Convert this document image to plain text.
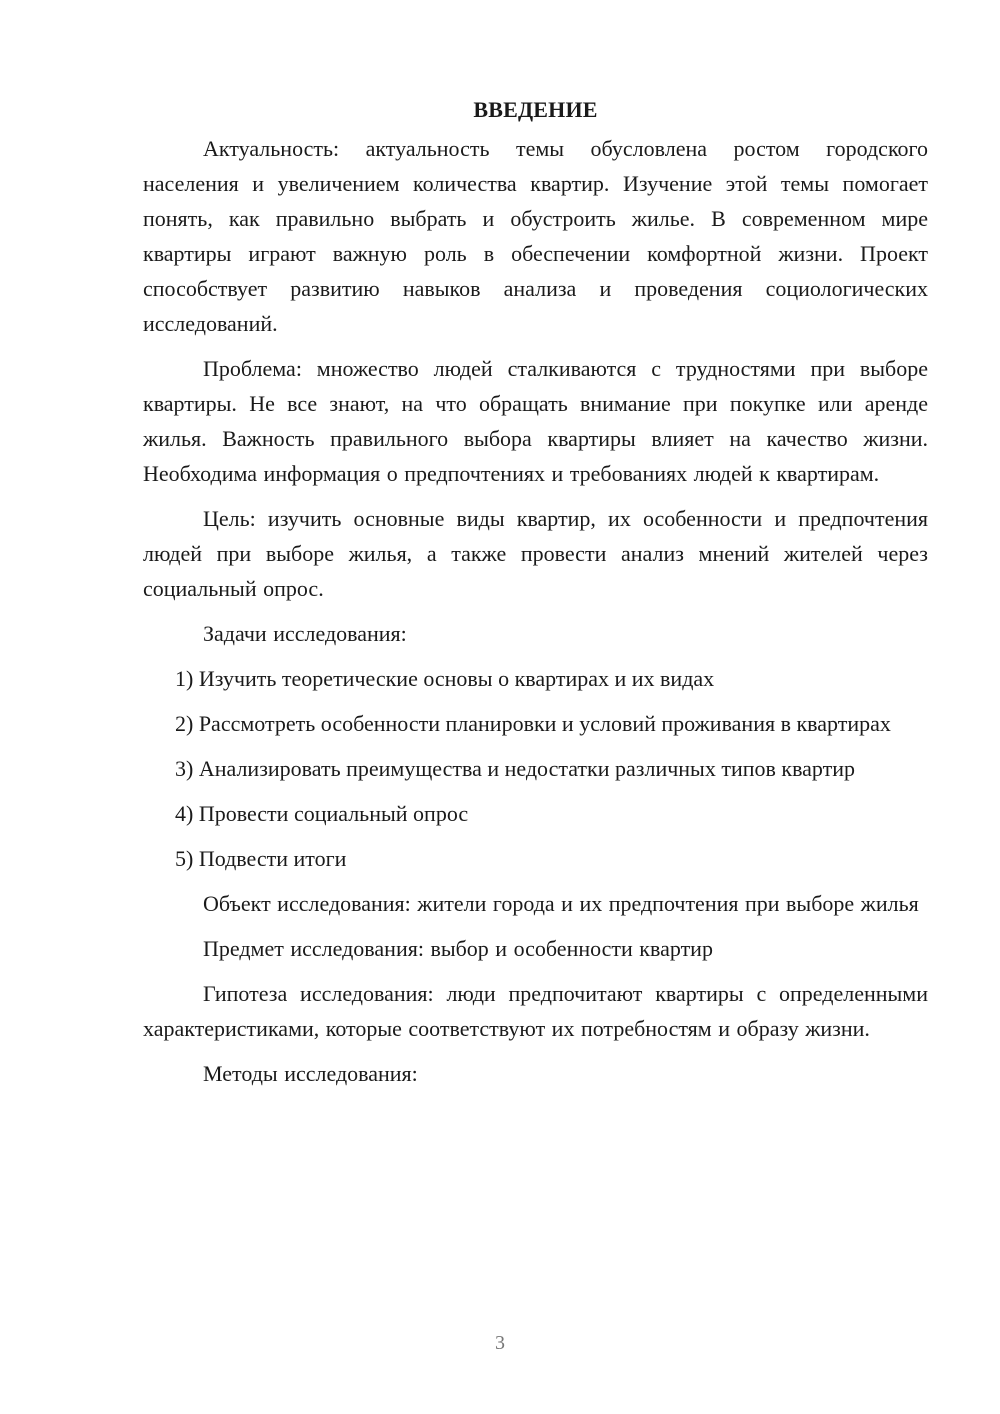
ВВЕДЕНИЕ

Актуальность: актуальность темы обусловлена ростом городского населения и увеличением количества квартир. Изучение этой темы помогает понять, как правильно выбрать и обустроить жилье. В современном мире квартиры играют важную роль в обеспечении комфортной жизни. Проект способствует развитию навыков анализа и проведения социологических исследований.

Проблема: множество людей сталкиваются с трудностями при выборе квартиры. Не все знают, на что обращать внимание при покупке или аренде жилья. Важность правильного выбора квартиры влияет на качество жизни. Необходима информация о предпочтениях и требованиях людей к квартирам.

Цель: изучить основные виды квартир, их особенности и предпочтения людей при выборе жилья, а также провести анализ мнений жителей через социальный опрос.

Задачи исследования:

1) Изучить теоретические основы о квартирах и их видах

2) Рассмотреть особенности планировки и условий проживания в квартирах

3) Анализировать преимущества и недостатки различных типов квартир

4) Провести социальный опрос

5) Подвести итоги

Объект исследования: жители города и их предпочтения при выборе жилья

Предмет исследования: выбор и особенности квартир

Гипотеза исследования: люди предпочитают квартиры с определенными характеристиками, которые соответствуют их потребностям и образу жизни.

Методы исследования:

3
